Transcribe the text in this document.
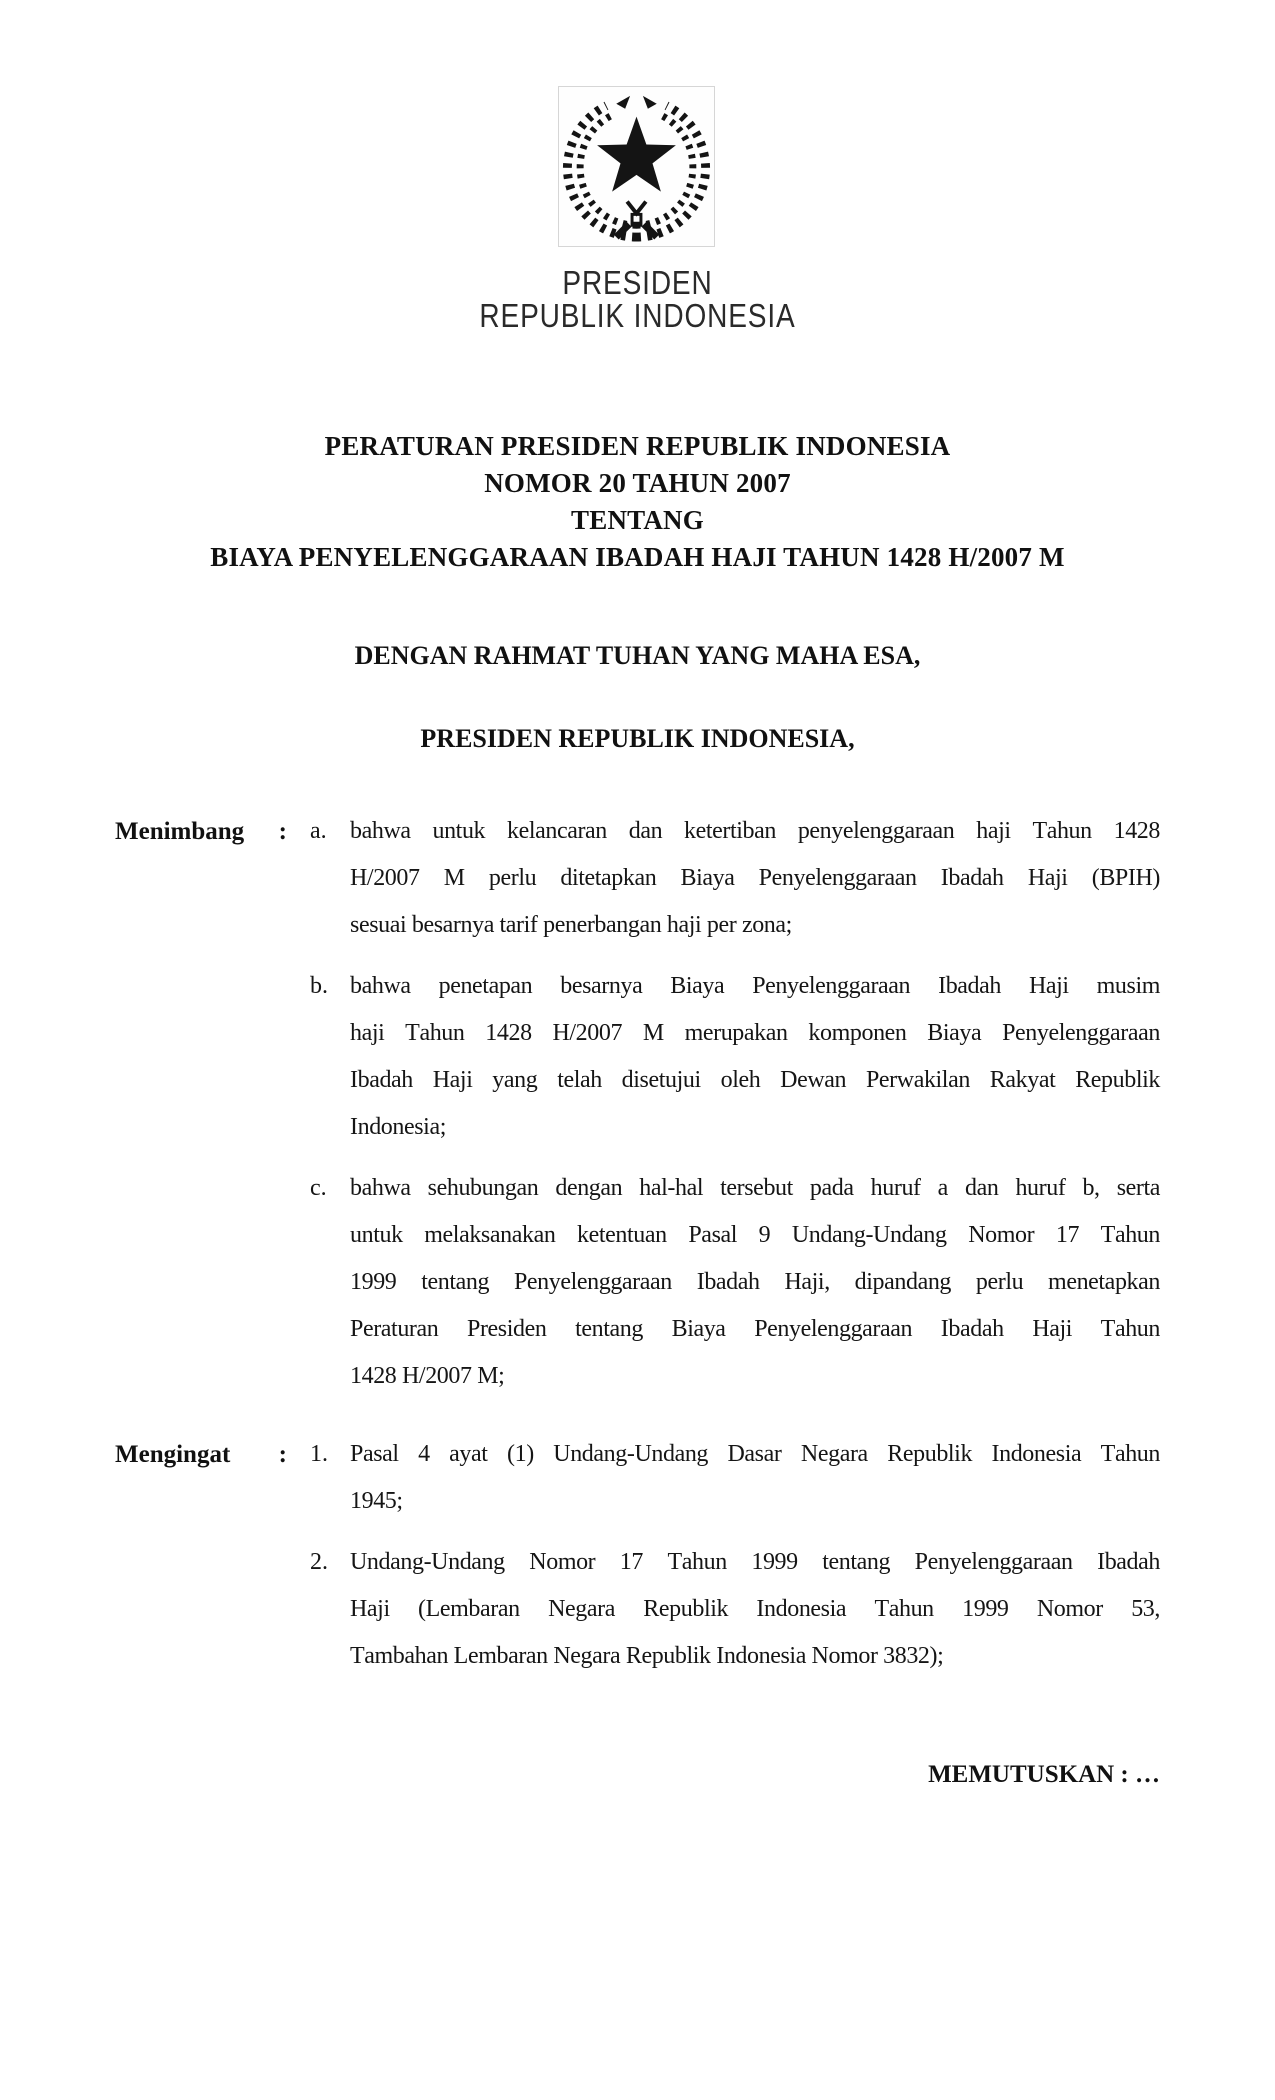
PRESIDEN
REPUBLIK INDONESIA
PERATURAN PRESIDEN REPUBLIK INDONESIA
NOMOR 20 TAHUN 2007
TENTANG
BIAYA PENYELENGGARAAN IBADAH HAJI TAHUN 1428 H/2007 M
DENGAN RAHMAT TUHAN YANG MAHA ESA,
PRESIDEN REPUBLIK INDONESIA,
Menimbang : a. bahwa untuk kelancaran dan ketertiban penyelenggaraan haji Tahun 1428
H/2007 M perlu ditetapkan Biaya Penyelenggaraan Ibadah Haji (BPIH)
sesuai besarnya tarif penerbangan haji per zona;
b. bahwa penetapan besarnya Biaya Penyelenggaraan Ibadah Haji musim
haji Tahun 1428 H/2007 M merupakan komponen Biaya Penyelenggaraan
Ibadah Haji yang telah disetujui oleh Dewan Perwakilan Rakyat Republik
Indonesia;
c. bahwa sehubungan dengan hal-hal tersebut pada huruf a dan huruf b, serta
untuk melaksanakan ketentuan Pasal 9 Undang-Undang Nomor 17 Tahun
1999 tentang Penyelenggaraan Ibadah Haji, dipandang perlu menetapkan
Peraturan Presiden tentang Biaya Penyelenggaraan Ibadah Haji Tahun
1428 H/2007 M;
Mengingat : 1. Pasal 4 ayat (1) Undang-Undang Dasar Negara Republik Indonesia Tahun
1945;
2. Undang-Undang Nomor 17 Tahun 1999 tentang Penyelenggaraan Ibadah
Haji (Lembaran Negara Republik Indonesia Tahun 1999 Nomor 53,
Tambahan Lembaran Negara Republik Indonesia Nomor 3832);
MEMUTUSKAN : …
